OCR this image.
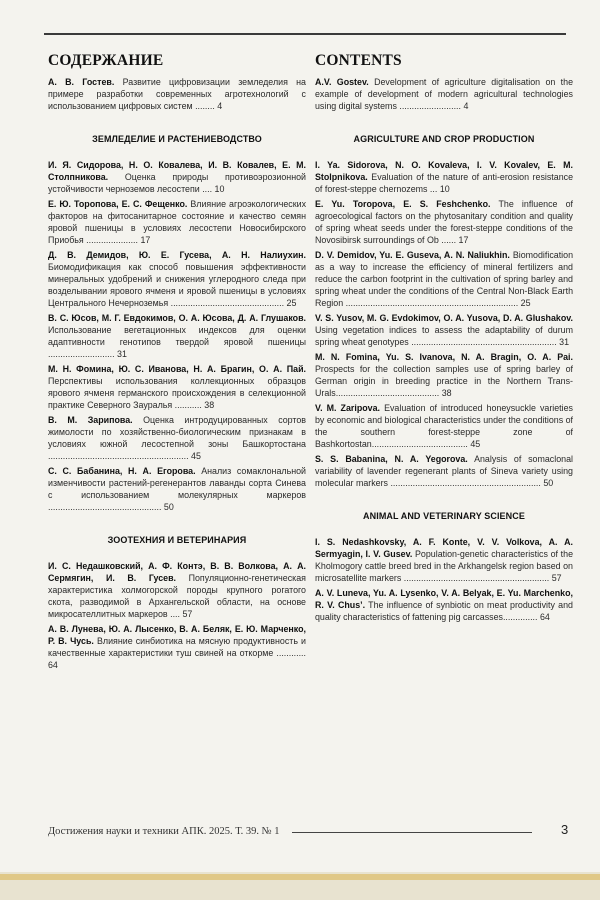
СОДЕРЖАНИЕ
А. В. Гостев. Развитие цифровизации земледелия на примере разработки современных агротехнологий с использованием цифровых систем ........ 4
ЗЕМЛЕДЕЛИЕ И РАСТЕНИЕВОДСТВО
И. Я. Сидорова, Н. О. Ковалева, И. В. Ковалев, Е. М. Столпникова. Оценка природы противоэрозионной устойчивости черноземов лесостепи .... 10
Е. Ю. Торопова, Е. С. Фещенко. Влияние агроэкологических факторов на фитосанитарное состояние и качество семян яровой пшеницы в условиях лесостепи Новосибирского Приобья ..................... 17
Д. В. Демидов, Ю. Е. Гусева, А. Н. Налиухин. Биомодификация как способ повышения эффективности минеральных удобрений и снижения углеродного следа при возделывании ярового ячменя и яровой пшеницы в условиях Центрального Нечерноземья .............................................. 25
В. С. Юсов, М. Г. Евдокимов, О. А. Юсова, Д. А. Глушаков. Использование вегетационных индексов для оценки адаптивности генотипов твердой яровой пшеницы ........................... 31
М. Н. Фомина, Ю. С. Иванова, Н. А. Брагин, О. А. Пай. Перспективы использования коллекционных образцов ярового ячменя германского происхождения в селекционной практике Северного Зауралья ........... 38
В. М. Зарипова. Оценка интродуцированных сортов жимолости по хозяйственно-биологическим признакам в условиях южной лесостепной зоны Башкортостана ......................................................... 45
С. С. Бабанина, Н. А. Егорова. Анализ сомаклональной изменчивости растений-регенерантов лаванды сорта Синева с использованием молекулярных маркеров .............................................. 50
ЗООТЕХНИЯ И ВЕТЕРИНАРИЯ
И. С. Недашковский, А. Ф. Контэ, В. В. Волкова, А. А. Сермягин, И. В. Гусев. Популяционно-генетическая характеристика холмогорской породы крупного рогатого скота, разводимой в Архангельской области, на основе микросателлитных маркеров .... 57
А. В. Лунева, Ю. А. Лысенко, В. А. Беляк, Е. Ю. Марченко, Р. В. Чусь. Влияние синбиотика на мясную продуктивность и качественные характеристики туш свиней на откорме ............ 64
CONTENTS
A.V. Gostev. Development of agriculture digitalisation on the example of development of modern agricultural technologies using digital systems ......................... 4
AGRICULTURE AND CROP PRODUCTION
I. Ya. Sidorova, N. O. Kovaleva, I. V. Kovalev, E. M. Stolpnikova. Evaluation of the nature of anti-erosion resistance of forest-steppe chernozems ... 10
E. Yu. Toropova, E. S. Feshchenko. The influence of agroecological factors on the phytosanitary condition and quality of spring wheat seeds under the forest-steppe conditions of the Novosibirsk surroundings of Ob ...... 17
D. V. Demidov, Yu. E. Guseva, A. N. Naliukhin. Biomodification as a way to increase the efficiency of mineral fertilizers and reduce the carbon footprint in the cultivation of spring barley and spring wheat under the conditions of the Central Non-Black Earth Region ...................................................................... 25
V. S. Yusov, M. G. Evdokimov, O. A. Yusova, D. A. Glushakov. Using vegetation indices to assess the adaptability of durum spring wheat genotypes ........................................................... 31
M. N. Fomina, Yu. S. Ivanova, N. A. Bragin, O. A. Pai. Prospects for the collection samples use of spring barley of German origin in breeding practice in the Northern Trans-Urals.......................................... 38
V. M. Zaripova. Evaluation of introduced honeysuckle varieties by economic and biological characteristics under the conditions of the southern forest-steppe zone of Bashkortostan....................................... 45
S. S. Babanina, N. A. Yegorova. Analysis of somaclonal variability of lavender regenerant plants of Sineva variety using molecular markers ............................................................. 50
ANIMAL AND VETERINARY SCIENCE
I. S. Nedashkovsky, A. F. Konte, V. V. Volkova, A. A. Sermyagin, I. V. Gusev. Population-genetic characteristics of the Kholmogory cattle breed bred in the Arkhangelsk region based on microsatellite markers ........................................................... 57
A. V. Luneva, Yu. A. Lysenko, V. A. Belyak, E. Yu. Marchenko, R. V. Chus’. The influence of synbiotic on meat productivity and quality characteristics of fattening pig carcasses.............. 64
Достижения науки и техники АПК. 2025. Т. 39. № 1	3
